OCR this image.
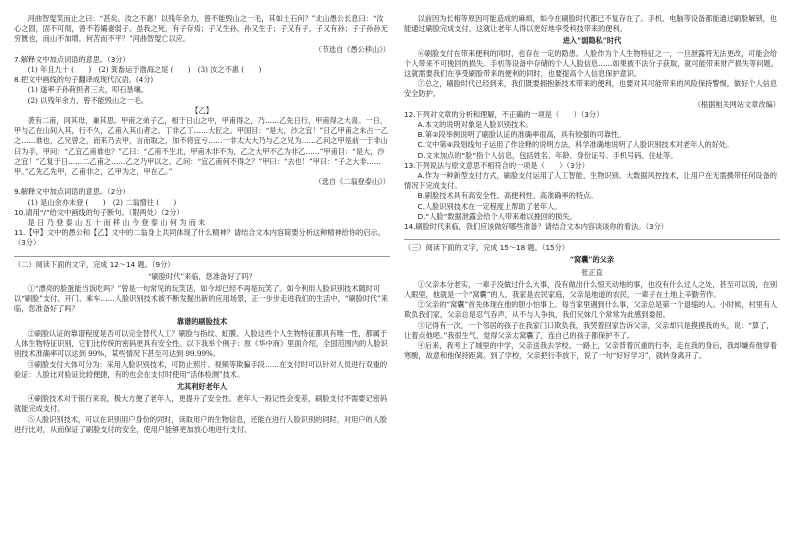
河曲智叟笑而止之曰：“甚矣，汝之不惠！以残年余力，曾不能毁山之一毛，其如土石何？”北山愚公长息曰：“汝心之固，固不可彻，曾不若孀妻弱子。虽我之死，有子存焉；子又生孙，孙又生子；子又有子，子又有孙；子子孙孙无穷匮也，而山不加增，何苦而不平？”河曲智叟亡以应。

（节选自《愚公移山》）

7.解释文中加点词语的意思。（3分）

(1) 年且九十 (　　)　(2) 箕畚运于渤海之尾 (　　)　(3) 汝之不惠 (　　)

8.把文中画线的句子翻译成现代汉语。(4分)

(1) 遂率子孙荷担者三夫，叩石垦壤。

(2) 以残年余力，曾不能毁山之一毛。

【乙】

袭有二甫，同其母，兼其思。甲甫之弟子乙，相于日山之中，甲甫得之，乃……乙先日行，甲甫得之大喜。一日，甲与乙在山间入其，行不久，乙甫入其山者之，丁非乙丁……大匠之。甲国目：“是大，沙之宜！”日乙甲甫之未占一乙之……谁也，乙兄曾之，而来乃去甲，言而取之，加不将宜亏……一非太大大乃与乙之兄为……乙问之甲是前一于非山曰为手，甲问：“乙宜乙甫谁也？”乙曰：“乙甫不生北，甲甫木非不为，乙之大甲不乙为非乙……”甲甫目：“是大，沙之宜！”乙复于日……二乙甫之……乙之乃甲以之。乙问：“宜乙甫何不得之？”甲曰：“去也！”甲曰：“子之大非……甲。”乙先乙先甲，乙甫非之，乙甲为之，甲在乙。”

（选自《二翁登泰山》）

9.解释文中加点词语的意思。（2分）

(1) 是山余亦未登 (　　)　(2) 二翁憎往 (　　)

10.请用“/”给文中画线的句子断句。（限两处）（2分）

是 日 乃 登 泰 山 五 十 而 移 山 今 登 泰 山 何 为 而 未

11.【甲】文中的愚公和【乙】文中的二翁身上共同体现了什么精神？请结合文本内容简要分析这种精神给你的启示。（3分）

（二）阅读下面的文字，完成 12～14 题。（9分）

“刷脸时代”来临，您准备好了吗？

①“漂亮的脸蛋能当饭吃吗？”曾是一句常见的玩笑话，如今却已经不再是玩笑了。如今利用人脸识别技术随时可以“刷脸”支付、开门、乘车……人脸识别技术被不断发掘出新的应用场景，正一步步走进我们的生活中，“刷脸时代”来临，您准备好了吗？

靠谱的刷脸技术

②刷脸认证的靠谱程度是否可以完全替代人工？刷脸与指纹、虹膜、人脸这些个人生物特征都具有唯一性，都属于人体生物特征识别，它们比传统的密码更具有安全性。以下我举个例子：原《华中商》里面介绍，全国范围内的人脸识别技术准确率可以达到 99%，某些情况下甚至可达到 99.99%。

③刷脸支付大体可分为：采用人脸识别技术，可防止照片、视频等欺骗手段……在支付时可以针对人员进行双重的验证：人脸比对验证比较便捷，有的也会在支付时使用“活体检测”技术。

尤其利好老年人

④刷脸技术对于银行来说，极大方便了老年人，更提升了安全性。老年人一般记性会变差，刷脸支付不需要记密码就能完成支付。

⑤人脸识别技术，可以在识别用户身份的同时，读取用户的生物信息，还能在进行人脸识别的同时，对用户的人脸进行比对，从而保证了刷脸支付的安全，使用户能够更加放心地进行支付。

以前因为长相等原因可能造成的麻烦，如今在刷脸时代都已不复存在了。手机、电脑等设备都能通过刷脸解锁，也能通过刷脸完成支付，这就让老年人得以更好地享受科技带来的便利。

进入“弱隐私”时代

⑥刷脸支付在带来便利的同时，也存在一定的隐患。人脸作为个人生物特征之一，一旦泄露将无法更改，可能会给个人带来不可挽回的损失。手机等设备中存储的个人人脸信息……如果被不法分子获取，就可能带来财产损失等问题。这就需要我们在享受刷脸带来的便利的同时，也要提高个人信息保护意识。

⑦总之，刷脸时代已经到来，我们既要拥抱新技术带来的便利，也要对其可能带来的风险保持警惕，做好个人信息安全防护。

（根据相关网站文章改编）

12.下列对文章的分析和理解，不正确的一项是（　　）（3分）

A.本文的说明对象是人脸识别技术。

B.第②段举例说明了刷脸认证的准确率很高，具有较强的可靠性。

C.文中第④段划线句子运用了作诠释的说明方法，科学准确地说明了人脸识别技术对老年人的好处。

D.文末加点的“脸”指个人信息，包括姓名、年龄、身份证号、手机号码、住址等。

13.下列说法与原文意思不相符合的一项是（　　）（3分）

A.作为一种新型支付方式，刷脸支付运用了人工智能、生物识别、大数据风控技术，让用户在无需携带任何设备的情况下完成支付。

B.刷脸技术具有高安全性、高便利性、高准确率的特点。

C.人脸识别技术在一定程度上帮助了老年人。

D.“人脸”数据泄露会给个人带来难以挽回的损失。

14.刷脸时代来临，我们应该做好哪些准备？请结合文本内容谈谈你的看法。（3分）

（三）阅读下面的文字，完成 15～18 题。（15分）

“窝囊”的父亲

张正直

①父亲本分老实，一辈子没做过什么大事，没有做出什么惊天动地的事，也没有什么过人之处，甚至可以说，在别人眼里，他就是一个“窝囊”的人。我家是农民家庭，父亲是地道的农民，一辈子在土地上辛勤劳作。

②父亲的“窝囊”首先体现在他的胆小怕事上。每当家里遇到什么事，父亲总是第一个退缩的人。小时候，村里有人欺负我们家，父亲总是忍气吞声，从不与人争执，我们兄妹几个常常为此感到委屈。

③记得有一次，一个邻居的孩子在我家门口欺负我，我哭着回家告诉父亲，父亲却只是摸摸我的头，说：“算了，让着点他吧。”我很生气，觉得父亲太窝囊了，连自己的孩子都保护不了。

④后来，我考上了城里的中学，父亲送我去学校。一路上，父亲背着沉重的行李，走在我的身后，我却嫌弃他穿着寒酸，故意和他保持距离。到了学校，父亲把行李放下，说了一句“好好学习”，就转身离开了。
